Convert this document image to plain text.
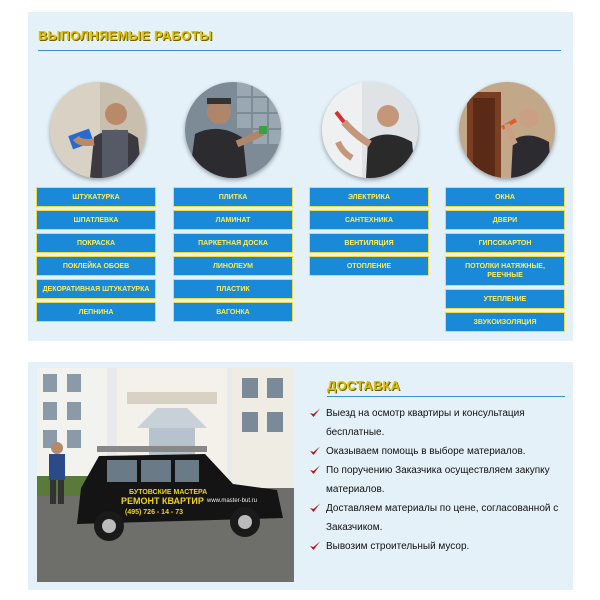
ВЫПОЛНЯЕМЫЕ РАБОТЫ
ШТУКАТУРКА
ШПАТЛЕВКА
ПОКРАСКА
ПОКЛЕЙКА ОБОЕВ
ДЕКОРАТИВНАЯ ШТУКАТУРКА
ЛЕПНИНА
ПЛИТКА
ЛАМИНАТ
ПАРКЕТНАЯ ДОСКА
ЛИНОЛЕУМ
ПЛАСТИК
ВАГОНКА
ЭЛЕКТРИКА
САНТЕХНИКА
ВЕНТИЛЯЦИЯ
ОТОПЛЕНИЕ
ОКНА
ДВЕРИ
ГИПСОКАРТОН
ПОТОЛКИ НАТЯЖНЫЕ, РЕЕЧНЫЕ
УТЕПЛЕНИЕ
ЗВУКОИЗОЛЯЦИЯ
БУТОВСКИЕ МАСТЕРА
РЕМОНТ КВАРТИР
(495) 726 - 14 - 73
www.master-but.ru
ДОСТАВКА
Выезд на осмотр квартиры и консультация бесплатные.
Оказываем помощь в выборе материалов.
По поручению Заказчика осуществляем закупку материалов.
Доставляем материалы по цене, согласованной с Заказчиком.
Вывозим строительный мусор.
